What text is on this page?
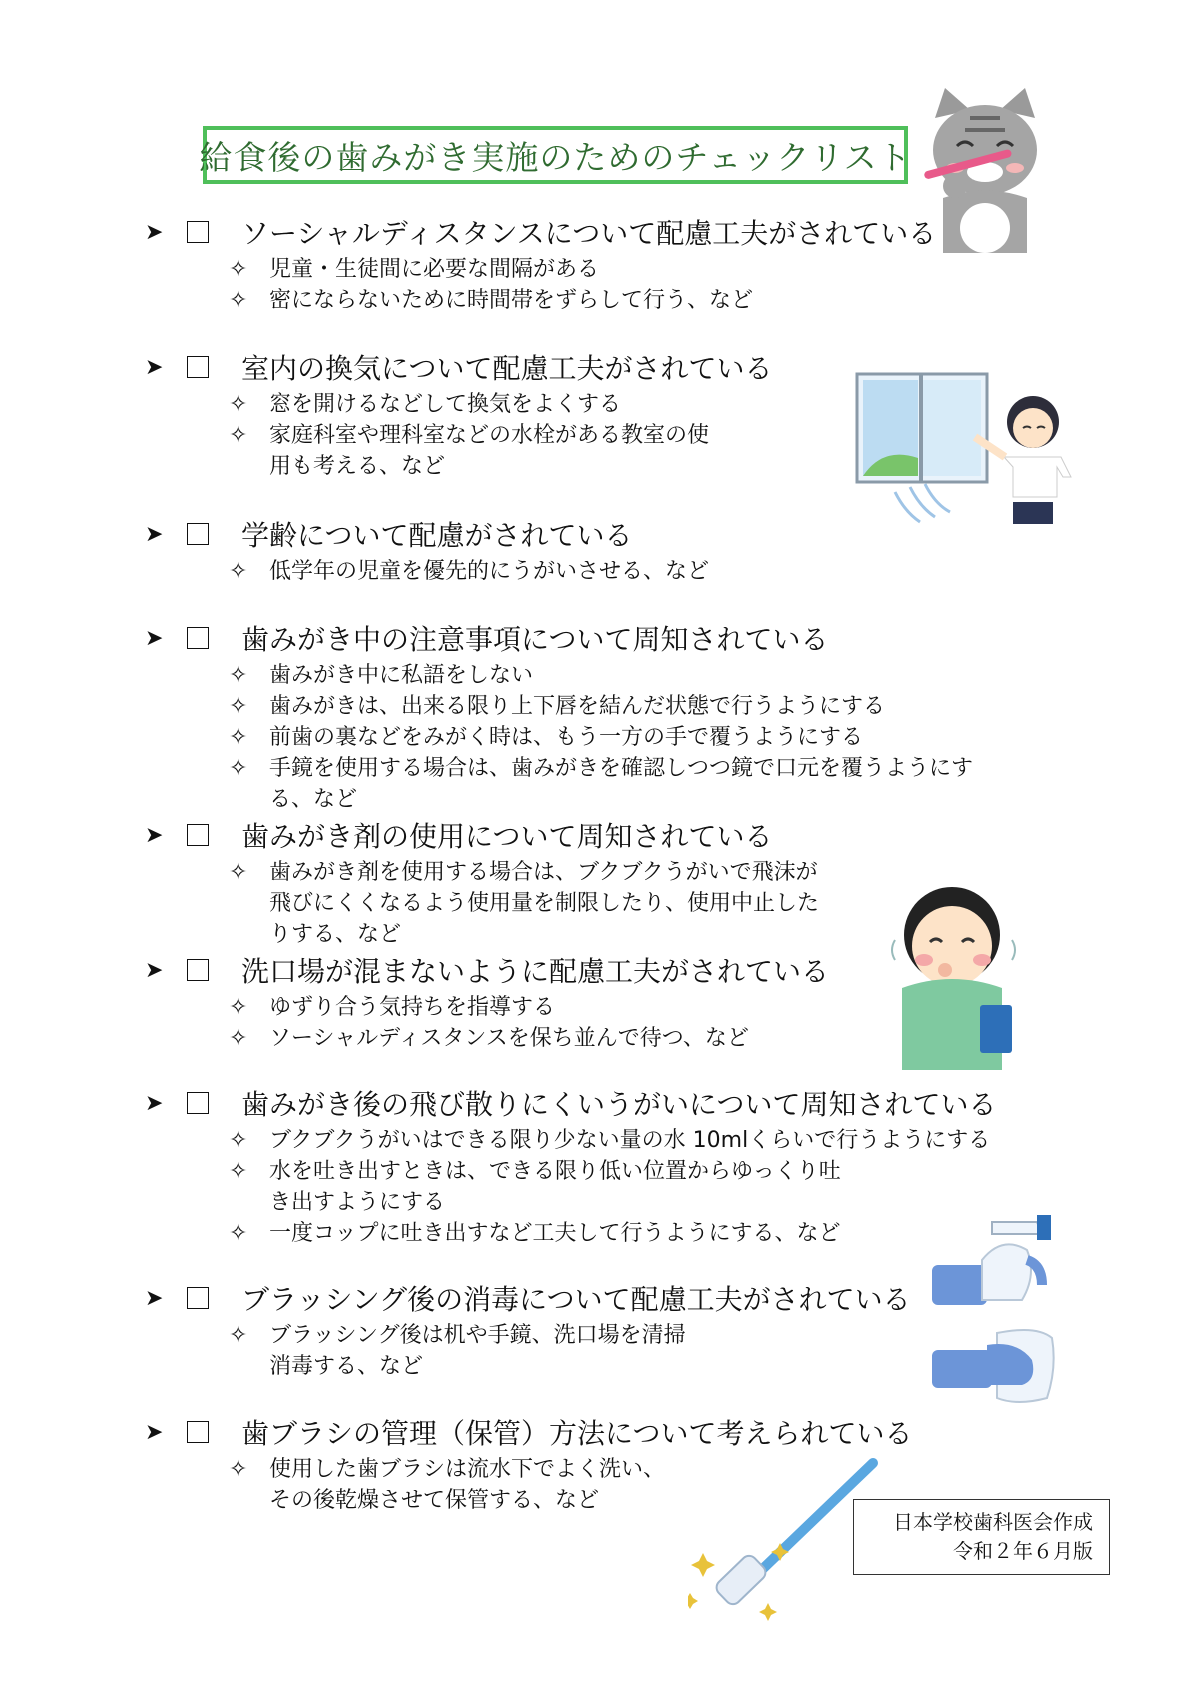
給食後の歯みがき実施のためのチェックリスト
➤	ソーシャルディスタンスについて配慮工夫がされている
✧ 児童・生徒間に必要な間隔がある
✧ 密にならないために時間帯をずらして行う、など
➤	室内の換気について配慮工夫がされている
✧ 窓を開けるなどして換気をよくする
✧ 家庭科室や理科室などの水栓がある教室の使
用も考える、など
➤	学齢について配慮がされている
✧ 低学年の児童を優先的にうがいさせる、など
➤	歯みがき中の注意事項について周知されている
✧ 歯みがき中に私語をしない
✧ 歯みがきは、出来る限り上下唇を結んだ状態で行うようにする
✧ 前歯の裏などをみがく時は、もう一方の手で覆うようにする
✧ 手鏡を使用する場合は、歯みがきを確認しつつ鏡で口元を覆うようにす
る、など
➤	歯みがき剤の使用について周知されている
✧ 歯みがき剤を使用する場合は、ブクブクうがいで飛沫が
飛びにくくなるよう使用量を制限したり、使用中止した
りする、など
➤	洗口場が混まないように配慮工夫がされている
✧ ゆずり合う気持ちを指導する
✧ ソーシャルディスタンスを保ち並んで待つ、など
➤	歯みがき後の飛び散りにくいうがいについて周知されている
✧ ブクブクうがいはできる限り少ない量の水 10mlくらいで行うようにする
✧ 水を吐き出すときは、できる限り低い位置からゆっくり吐
き出すようにする
✧ 一度コップに吐き出すなど工夫して行うようにする、など
➤	ブラッシング後の消毒について配慮工夫がされている
✧ ブラッシング後は机や手鏡、洗口場を清掃
消毒する、など
➤	歯ブラシの管理（保管）方法について考えられている
✧ 使用した歯ブラシは流水下でよく洗い、
その後乾燥させて保管する、など
日本学校歯科医会作成
令和２年６月版
